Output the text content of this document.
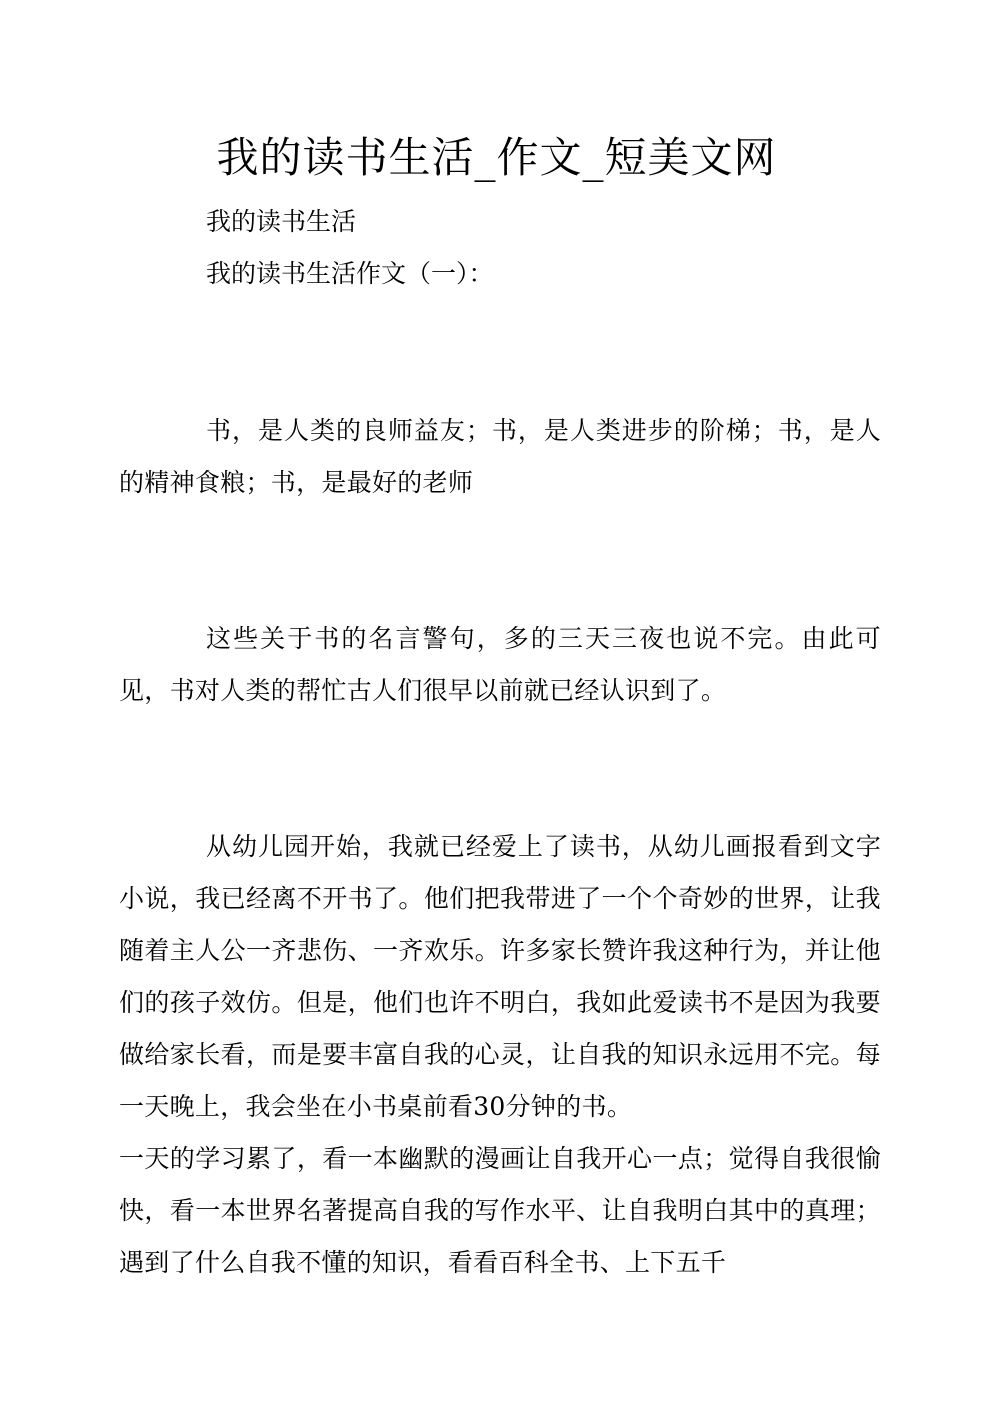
我的读书生活_作文_短美文网
我的读书生活
我的读书生活作文（一）：

书，是人类的良师益友；书，是人类进步的阶梯；书，是人的精神食粮；书，是最好的老师

这些关于书的名言警句，多的三天三夜也说不完。由此可见，书对人类的帮忙古人们很早以前就已经认识到了。

从幼儿园开始，我就已经爱上了读书，从幼儿画报看到文字小说，我已经离不开书了。他们把我带进了一个个奇妙的世界，让我随着主人公一齐悲伤、一齐欢乐。许多家长赞许我这种行为，并让他们的孩子效仿。但是，他们也许不明白，我如此爱读书不是因为我要做给家长看，而是要丰富自我的心灵，让自我的知识永远用不完。每一天晚上，我会坐在小书桌前看30分钟的书。

一天的学习累了，看一本幽默的漫画让自我开心一点；觉得自我很愉快，看一本世界名著提高自我的写作水平、让自我明白其中的真理；遇到了什么自我不懂的知识，看看百科全书、上下五千
